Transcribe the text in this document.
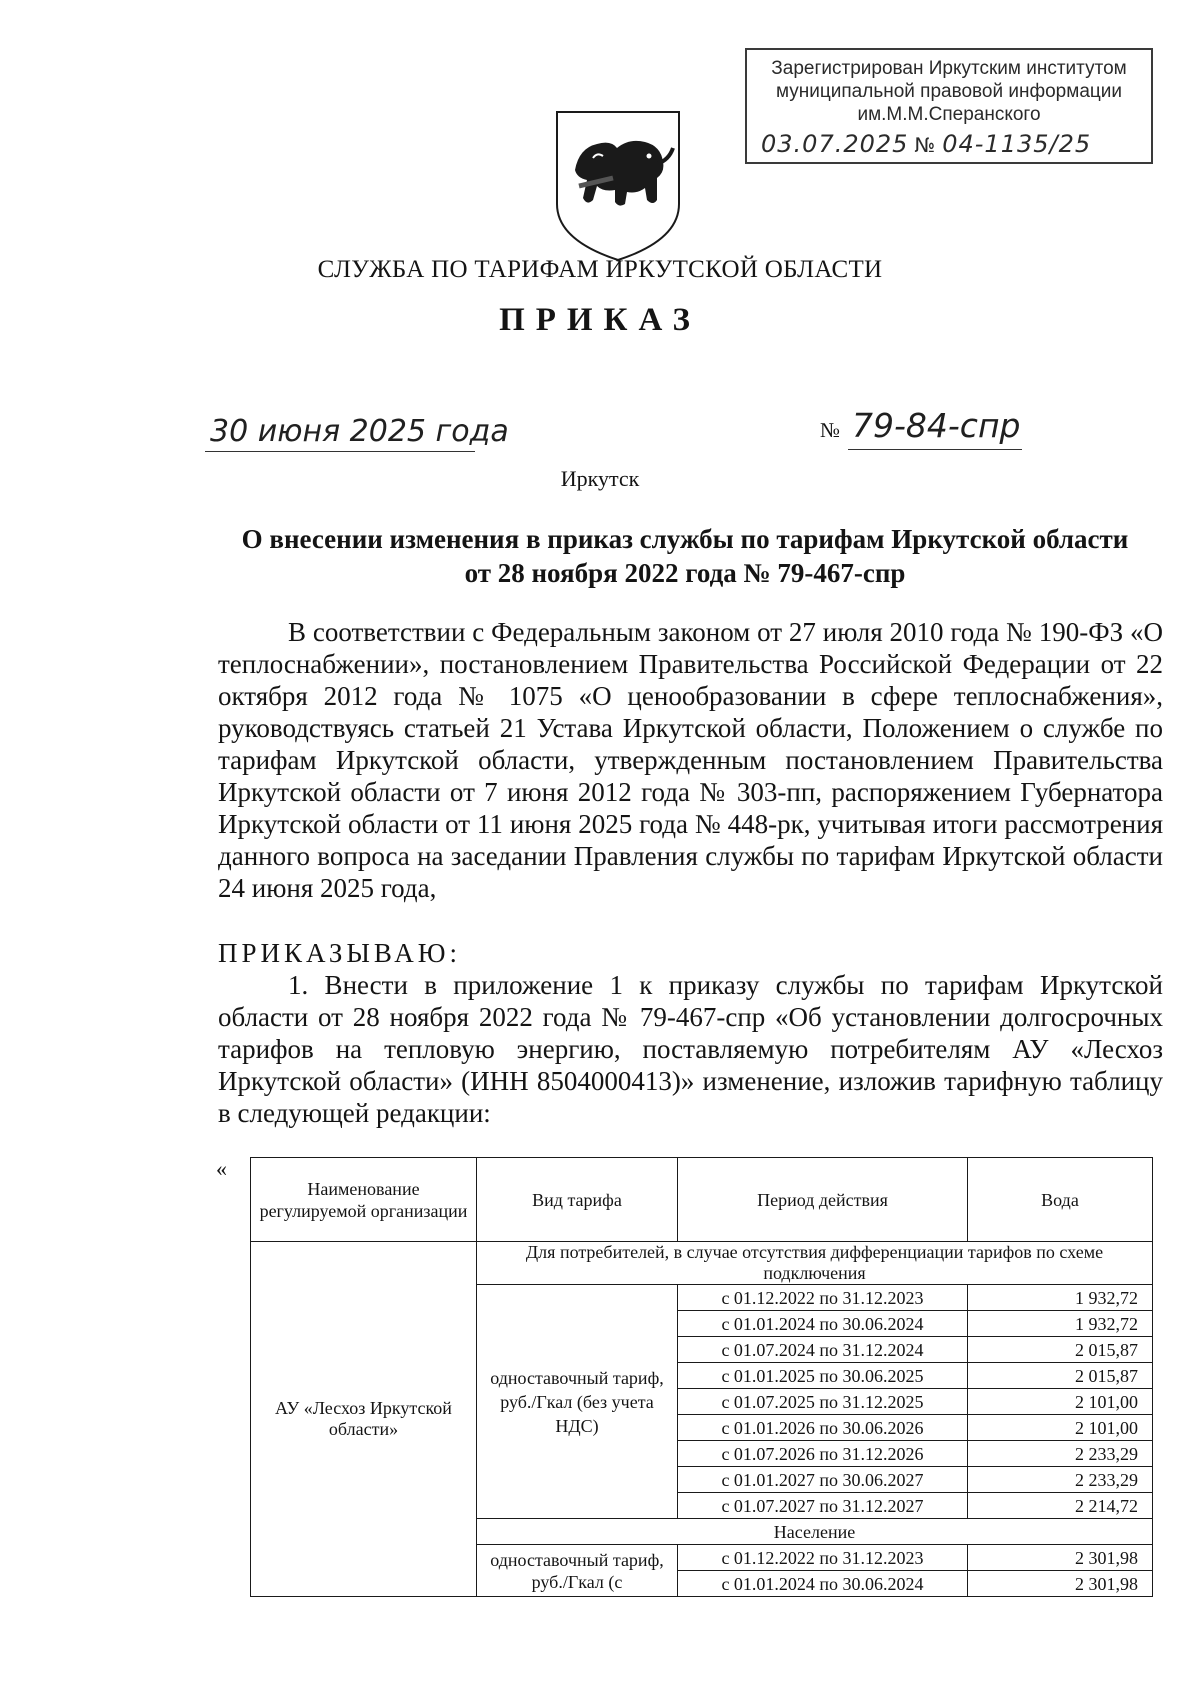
Зарегистрирован Иркутским институтом
муниципальной правовой информации
им.М.М.Сперанского
03.07.2025 № 04-1135/25
СЛУЖБА ПО ТАРИФАМ ИРКУТСКОЙ ОБЛАСТИ
ПРИКАЗ
30 июня 2025 года	№ 79-84-спр
Иркутск
О внесении изменения в приказ службы по тарифам Иркутской области
от 28 ноября 2022 года № 79-467-спр
В соответствии с Федеральным законом от 27 июля 2010 года № 190-ФЗ «О теплоснабжении», постановлением Правительства Российской Федерации от 22 октября 2012 года № 1075 «О ценообразовании в сфере теплоснабжения», руководствуясь статьей 21 Устава Иркутской области, Положением о службе по тарифам Иркутской области, утвержденным постановлением Правительства Иркутской области от 7 июня 2012 года № 303-пп, распоряжением Губернатора Иркутской области от 11 июня 2025 года № 448-рк, учитывая итоги рассмотрения данного вопроса на заседании Правления службы по тарифам Иркутской области 24 июня 2025 года,
ПРИКАЗЫВАЮ:
1. Внести в приложение 1 к приказу службы по тарифам Иркутской области от 28 ноября 2022 года № 79-467-спр «Об установлении долгосрочных тарифов на тепловую энергию, поставляемую потребителям АУ «Лесхоз Иркутской области» (ИНН 8504000413)» изменение, изложив тарифную таблицу в следующей редакции:
«
Наименование регулируемой организации	Вид тарифа	Период действия	Вода
АУ «Лесхоз Иркутской области»	Для потребителей, в случае отсутствия дифференциации тарифов по схеме подключения		
	одноставочный тариф, руб./Гкал (без учета НДС)	с 01.12.2022 по 31.12.2023	1 932,72
		с 01.01.2024 по 30.06.2024	1 932,72
		с 01.07.2024 по 31.12.2024	2 015,87
		с 01.01.2025 по 30.06.2025	2 015,87
		с 01.07.2025 по 31.12.2025	2 101,00
		с 01.01.2026 по 30.06.2026	2 101,00
		с 01.07.2026 по 31.12.2026	2 233,29
		с 01.01.2027 по 30.06.2027	2 233,29
		с 01.07.2027 по 31.12.2027	2 214,72
	Население		
	одноставочный тариф, руб./Гкал (с	с 01.12.2022 по 31.12.2023	2 301,98
		с 01.01.2024 по 30.06.2024	2 301,98
